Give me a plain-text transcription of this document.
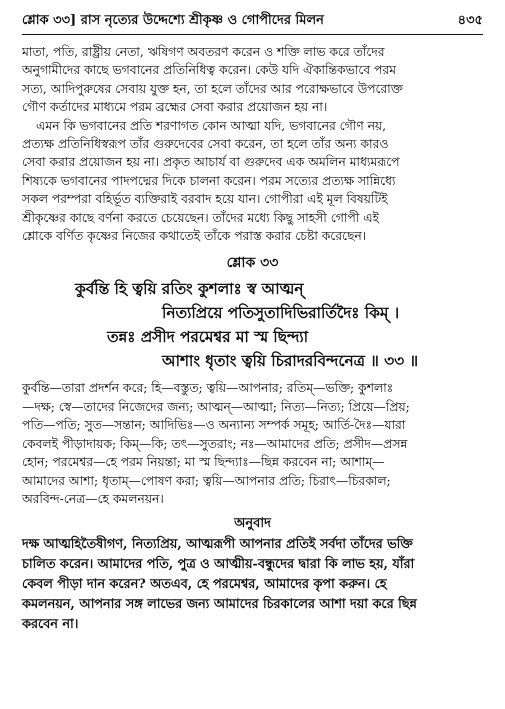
শ্লোক ৩৩] রাস নৃত্যের উদ্দেশ্যে শ্রীকৃষ্ণ ও গোপীদের মিলন	৪৩৫
মাতা, পতি, রাষ্ট্রীয় নেতা, ঋষিগণ অবতরণ করেন ও শক্তি লাভ করে তাঁদের
অনুগামীদের কাছে ভগবানের প্রতিনিধিত্ব করেন। কেউ যদি ঐকান্তিকভাবে পরম
সত্য, আদিপুরুষের সেবায় যুক্ত হন, তা হলে তাঁদের আর পরোক্ষভাবে উপরোক্ত
গৌণ কর্তাদের মাধ্যমে পরম ব্রহ্মের সেবা করার প্রয়োজন হয় না।
এমন কি ভগবানের প্রতি শরণাগত কোন আত্মা যদি, ভগবানের গৌণ নয়,
প্রত্যক্ষ প্রতিনিধিস্বরূপ তাঁর গুরুদেবের সেবা করেন, তা হলে তাঁর অন্য কারও
সেবা করার প্রয়োজন হয় না। প্রকৃত আচার্য বা গুরুদেব এক অমলিন মাধ্যমরূপে
শিষ্যকে ভগবানের পাদপদ্মের দিকে চালনা করেন। পরম সত্যের প্রত্যক্ষ সান্নিধ্যে
সকল পরম্পরা বহির্ভূত ব্যক্তিরাই বরবাদ হয়ে যান। গোপীরা এই মূল বিষয়টিই
শ্রীকৃষ্ণের কাছে বর্ণনা করতে চেয়েছেন। তাঁদের মধ্যে কিছু সাহসী গোপী এই
শ্লোকে বর্ণিত কৃষ্ণের নিজের কথাতেই তাঁকে পরাস্ত করার চেষ্টা করেছেন।
শ্লোক ৩৩
কুর্বন্তি হি ত্বয়ি রতিং কুশলাঃ স্ব আত্মন্
নিত্যপ্রিয়ে পতিসুতাদিভিরার্তিদৈঃ কিম্ ।
তন্নঃ প্রসীদ পরমেশ্বর মা স্ম ছিন্দ্যা
আশাং ধৃতাং ত্বয়ি চিরাদরবিন্দনেত্র ॥ ৩৩ ॥
কুর্বন্তি—তারা প্রদর্শন করে; হি—বস্তুত; ত্বয়ি—আপনার; রতিম্—ভক্তি; কুশলাঃ
—দক্ষ; স্বে—তাদের নিজেদের জন্য; আত্মন্—আত্মা; নিত্য—নিত্য; প্রিয়ে—প্রিয়;
পতি—পতি; সুত—সন্তান; আদিভিঃ—ও অন্যান্য সম্পর্ক সমূহ; আর্তি-দৈঃ—যারা
কেবলই পীড়াদায়ক; কিম্—কি; তৎ—সুতরাং; নঃ—আমাদের প্রতি; প্রসীদ—প্রসন্ন
হোন; পরমেশ্বর—হে পরম নিয়ন্তা; মা স্ম ছিন্দ্যাঃ—ছিন্ন করবেন না; আশাম্—
আমাদের আশা; ধৃতাম্—পোষণ করা; ত্বয়ি—আপনার প্রতি; চিরাৎ—চিরকাল;
অরবিন্দ-নেত্র—হে কমলনয়ন।
অনুবাদ
দক্ষ আত্মহিতৈষীগণ, নিত্যপ্রিয়, আত্মরূপী আপনার প্রতিই সর্বদা তাঁদের ভক্তি
চালিত করেন। আমাদের পতি, পুত্র ও আত্মীয়-বন্ধুদের দ্বারা কি লাভ হয়, যাঁরা
কেবল পীড়া দান করেন? অতএব, হে পরমেশ্বর, আমাদের কৃপা করুন। হে
কমলনয়ন, আপনার সঙ্গ লাভের জন্য আমাদের চিরকালের আশা দয়া করে ছিন্ন
করবেন না।
